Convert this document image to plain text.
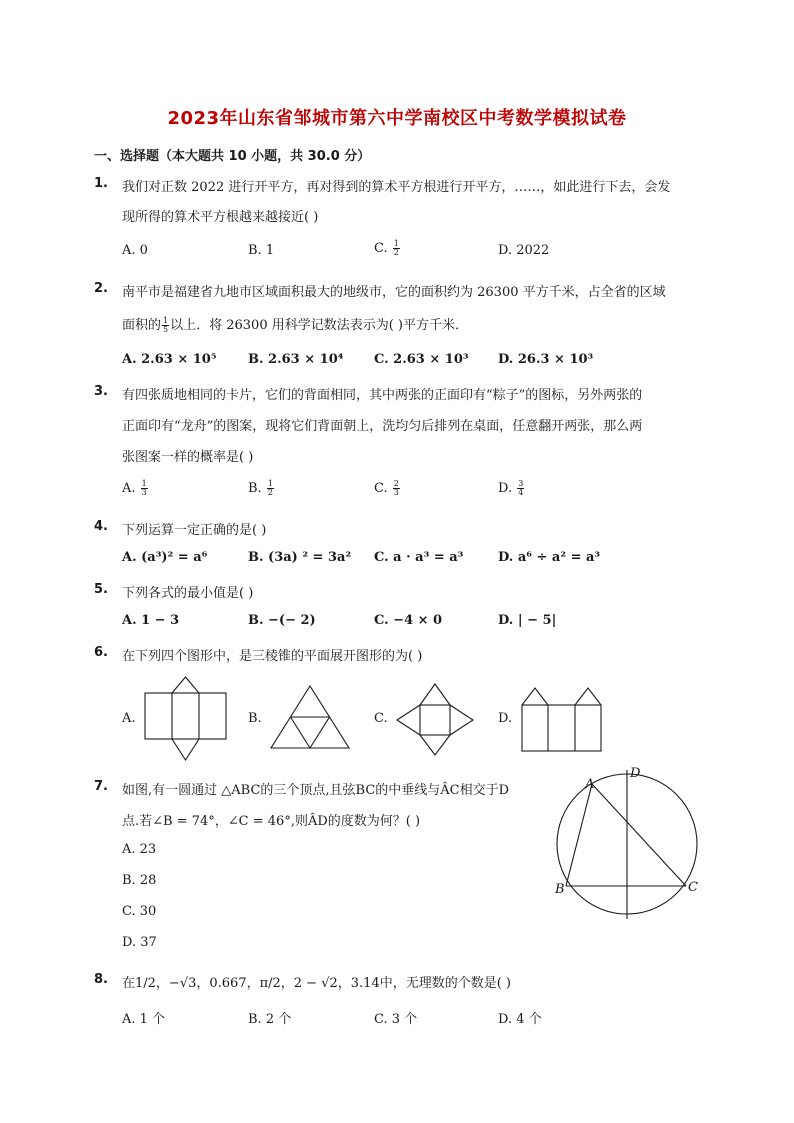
2023年山东省邹城市第六中学南校区中考数学模拟试卷
一、选择题（本大题共 10 小题，共 30.0 分）
1. 我们对正数 2022 进行开平方，再对得到的算术平方根进行开平方，……，如此进行下去，会发
现所得的算术平方根越来越接近( )
A. 0	B. 1	C. $\frac{1}{2}$	D. 2022
2. 南平市是福建省九地市区域面积最大的地级市，它的面积约为 26300 平方千米，占全省的区域
面积的 $\frac{1}{5}$ 以上．将 26300 用科学记数法表示为( )平方千米．
A. 2.63 × 10⁵ B. 2.63 × 10⁴ C. 2.63 × 10³ D. 26.3 × 10³
3. 有四张质地相同的卡片，它们的背面相同，其中两张的正面印有“粽子”的图标，另外两张的
正面印有“龙舟”的图案，现将它们背面朝上，洗均匀后排列在桌面，任意翻开两张，那么两
张图案一样的概率是( )
A. $\frac{1}{3}$	B. $\frac{1}{2}$	C. $\frac{2}{3}$	D. $\frac{3}{4}$
4. 下列运算一定正确的是( )
A. (a³)² = a⁶	B. (3a) ² = 3a² C. a · a³ = a³	D. a⁶ ÷ a² = a³
5. 下列各式的最小值是( )
A. 1 − 3	B. −(− 2)	C. −4 × 0	D. | − 5|
6. 在下列四个图形中，是三棱锥的平面展开图形的为( )
A.	B.	C.	D.
A
D
B	C
7. 如图,有一圆通过 △ABC的三个顶点,且弦BC的中垂线与ÂC相交于D
点.若∠B = 74°，∠C = 46°,则ÂD的度数为何？( )
A. 23
B. 28
C. 30
D. 37
8. 在1/2，−√3，0.667，π/2，2 − √2，3.14中，无理数的个数是( )
A. 1 个	B. 2 个	C. 3 个	D. 4 个
